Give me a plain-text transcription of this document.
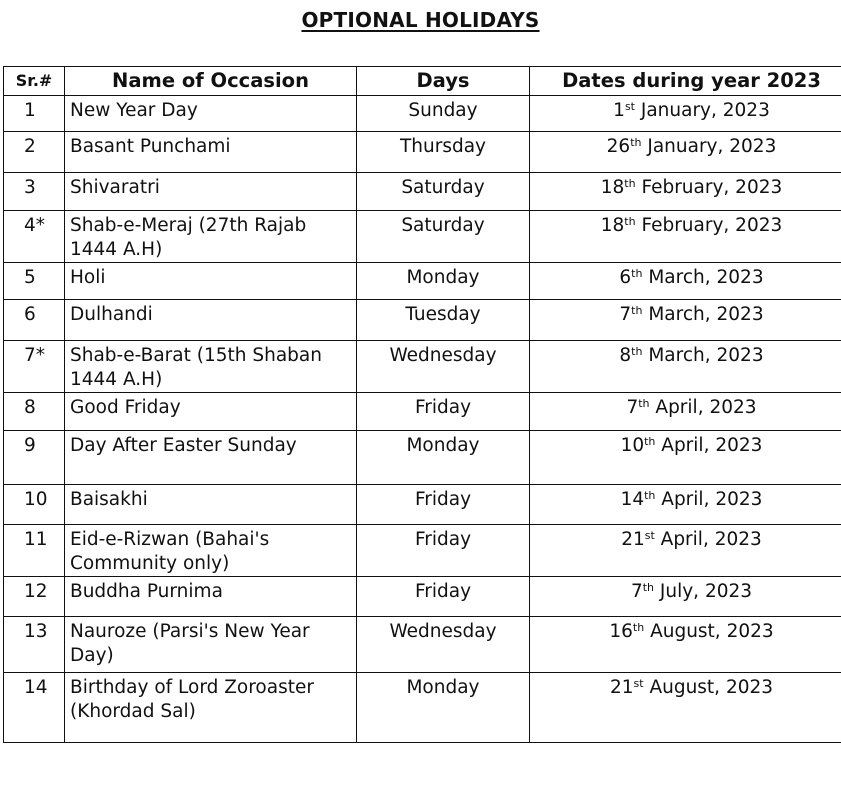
OPTIONAL HOLIDAYS
Sr.#	Name of Occasion	Days	Dates during year 2023
1	New Year Day	Sunday	1st January, 2023
2	Basant Punchami	Thursday	26th January, 2023
3	Shivaratri	Saturday	18th February, 2023
4*	Shab-e-Meraj (27th Rajab 1444 A.H)	Saturday	18th February, 2023
5	Holi	Monday	6th March, 2023
6	Dulhandi	Tuesday	7th March, 2023
7*	Shab-e-Barat (15th Shaban 1444 A.H)	Wednesday	8th March, 2023
8	Good Friday	Friday	7th April, 2023
9	Day After Easter Sunday	Monday	10th April, 2023
10	Baisakhi	Friday	14th April, 2023
11	Eid-e-Rizwan (Bahai's Community only)	Friday	21st April, 2023
12	Buddha Purnima	Friday	7th July, 2023
13	Nauroze (Parsi's New Year Day)	Wednesday	16th August, 2023
14	Birthday of Lord Zoroaster (Khordad Sal)	Monday	21st August, 2023
